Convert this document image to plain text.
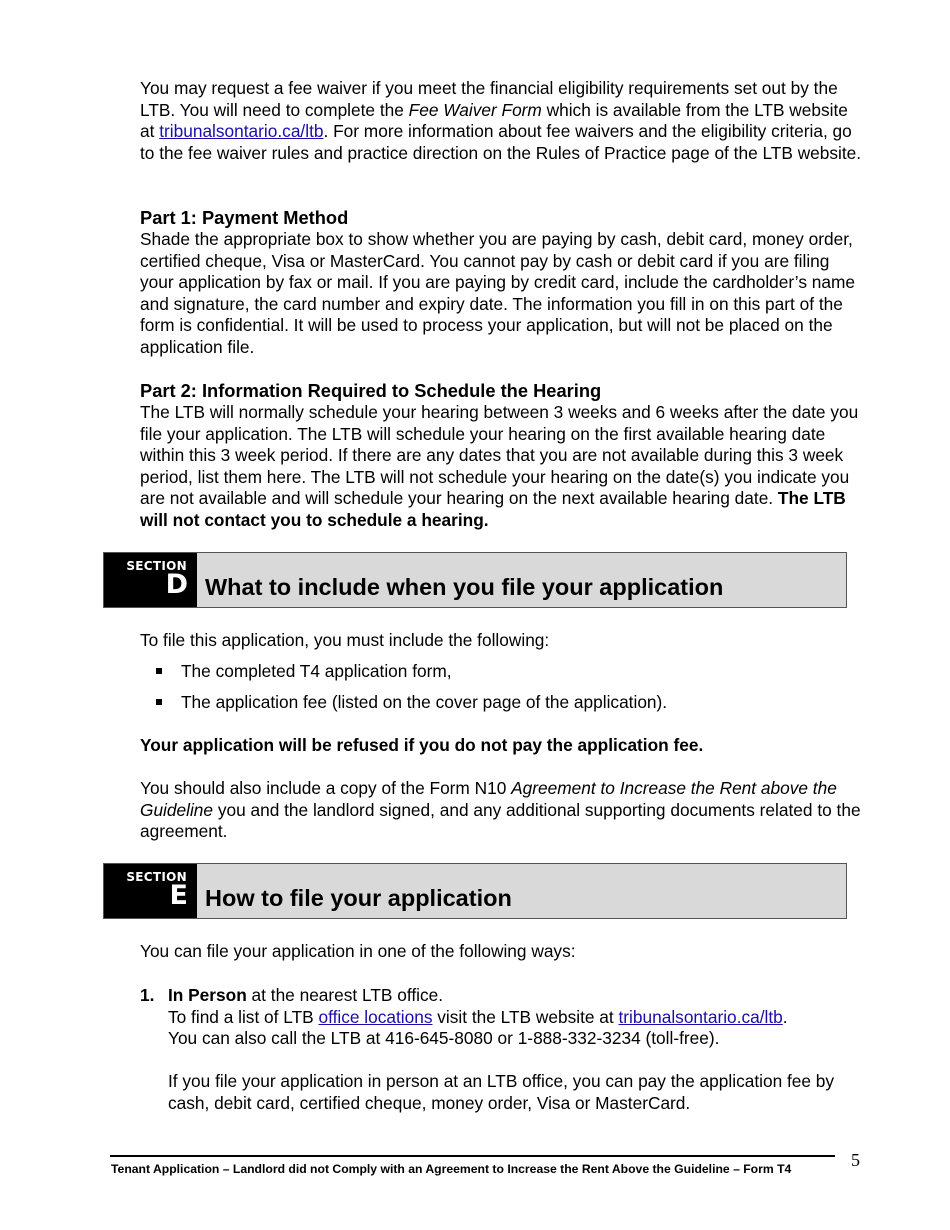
You may request a fee waiver if you meet the financial eligibility requirements set out by the LTB. You will need to complete the Fee Waiver Form which is available from the LTB website at tribunalsontario.ca/ltb. For more information about fee waivers and the eligibility criteria, go to the fee waiver rules and practice direction on the Rules of Practice page of the LTB website.

Part 1: Payment Method
Shade the appropriate box to show whether you are paying by cash, debit card, money order, certified cheque, Visa or MasterCard. You cannot pay by cash or debit card if you are filing your application by fax or mail. If you are paying by credit card, include the cardholder’s name and signature, the card number and expiry date. The information you fill in on this part of the form is confidential. It will be used to process your application, but will not be placed on the application file.
Part 2: Information Required to Schedule the Hearing
The LTB will normally schedule your hearing between 3 weeks and 6 weeks after the date you file your application. The LTB will schedule your hearing on the first available hearing date within this 3 week period. If there are any dates that you are not available during this 3 week period, list them here. The LTB will not schedule your hearing on the date(s) you indicate you are not available and will schedule your hearing on the next available hearing date. The LTB will not contact you to schedule a hearing.
SECTION
D What to include when you file your application

To file this application, you must include the following:

The completed T4 application form,
The application fee (listed on the cover page of the application).

Your application will be refused if you do not pay the application fee.

You should also include a copy of the Form N10 Agreement to Increase the Rent above the Guideline you and the landlord signed, and any additional supporting documents related to the agreement.

SECTION
E How to file your application

You can file your application in one of the following ways:

1. In Person at the nearest LTB office.
To find a list of LTB office locations visit the LTB website at tribunalsontario.ca/ltb.
You can also call the LTB at 416-645-8080 or 1-888-332-3234 (toll-free).
If you file your application in person at an LTB office, you can pay the application fee by cash, debit card, certified cheque, money order, Visa or MasterCard.
Tenant Application – Landlord did not Comply with an Agreement to Increase the Rent Above the Guideline – Form T4	5
